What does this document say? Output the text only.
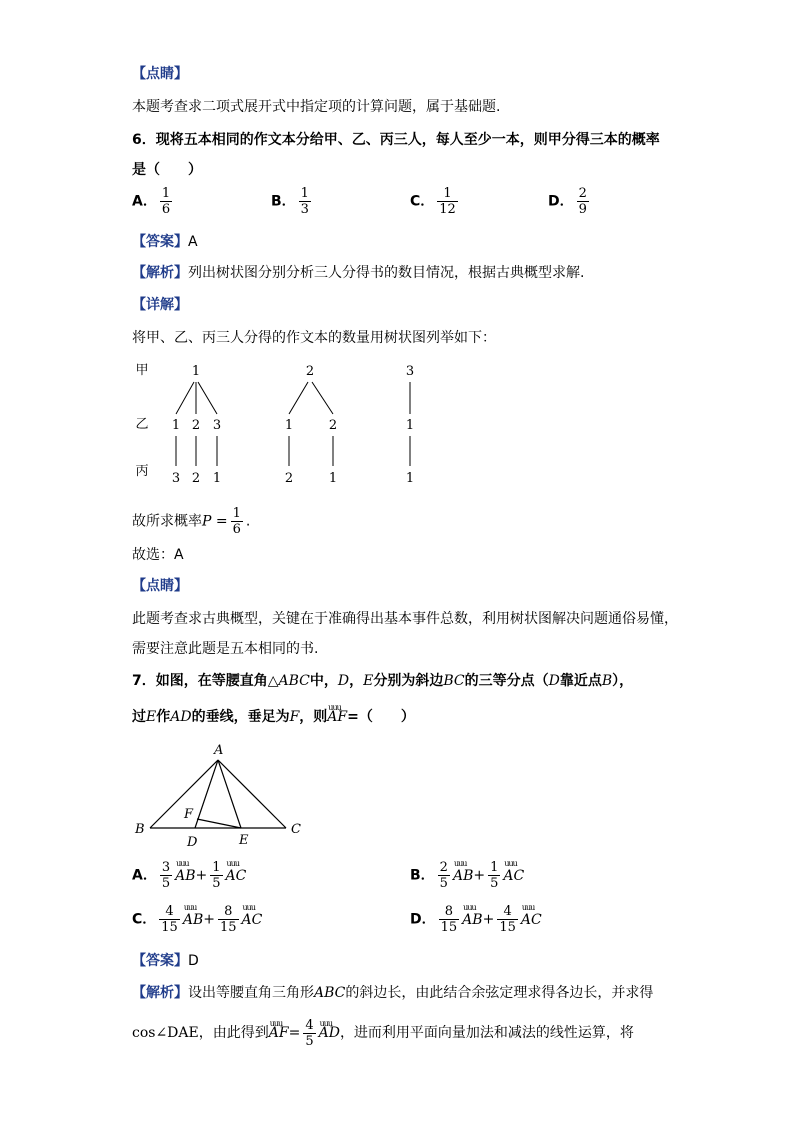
【点睛】
本题考查求二项式展开式中指定项的计算问题，属于基础题.
6．现将五本相同的作文本分给甲、乙、丙三人，每人至少一本，则甲分得三本的概率
是（　　）
A． $\frac{1}{6}$	B． $\frac{1}{3}$	C． $\frac{1}{12}$	D． $\frac{2}{9}$
【答案】A
【解析】列出树状图分别分析三人分得书的数目情况，根据古典概型求解.
【详解】
将甲、乙、丙三人分得的作文本的数量用树状图列举如下：
甲
乙
丙
1	2	3
1 2 3	1	2	1
3 2 1	2	1	1
故所求概率$P = \frac{1}{6}$ .
故选：A
【点睛】
此题考查求古典概型，关键在于准确得出基本事件总数，利用树状图解决问题通俗易懂，
需要注意此题是五本相同的书.
7．如图，在等腰直角△ABC中，D，E分别为斜边BC的三等分点（D靠近点B），
过E作AD的垂线，垂足为F，则uuu AF=（　　）
A
B	C
D	E
F
A． $\frac{3}{5}$ uuu $AB+ \frac{1}{5}$ uuu AC	B． $\frac{2}{5}$ uuu $AB+ \frac{1}{5}$ uuu AC
C． $\frac{4}{15}$ uuu $AB+ \frac{8}{15}$ uuu AC	D． $\frac{8}{15}$ uuu $AB+ \frac{4}{15}$ uuu AC
【答案】D
【解析】设出等腰直角三角形ABC的斜边长，由此结合余弦定理求得各边长，并求得
cos∠DAE，由此得到uuu $AF= \frac{4}{5}$ uuu AD，进而利用平面向量加法和减法的线性运算，将
